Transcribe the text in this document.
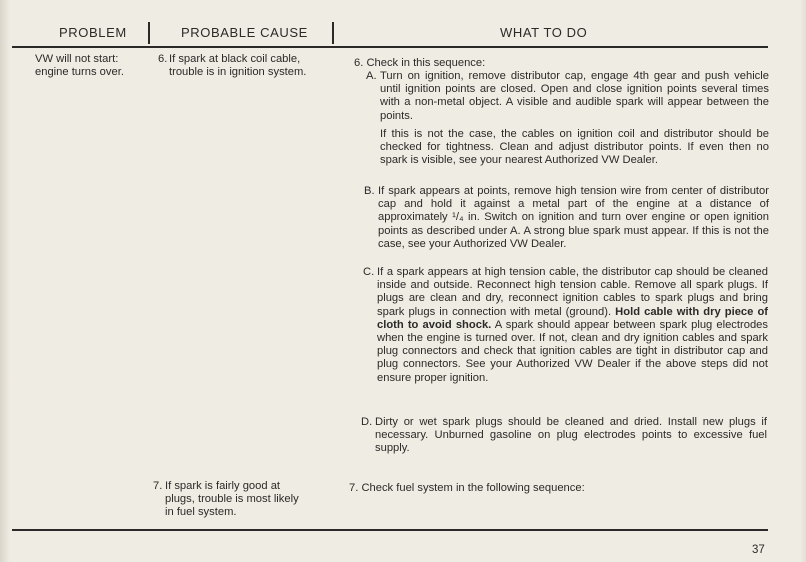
PROBLEM	PROBABLE CAUSE	WHAT TO DO
VW will not start:
engine turns over.
6. If spark at black coil cable,
trouble is in ignition system.
7. If spark is fairly good at
plugs, trouble is most likely
in fuel system.
6. Check in this sequence:
A. Turn on ignition, remove distributor cap, engage 4th gear and push vehicle until ignition points are closed. Open and close ignition points several times with a non-metal object. A visible and audible spark will appear between the points.
If this is not the case, the cables on ignition coil and distributor should be checked for tightness. Clean and adjust distributor points. If even then no spark is visible, see your nearest Authorized VW Dealer.
B. If spark appears at points, remove high tension wire from center of distributor cap and hold it against a metal part of the engine at a distance of approximately ¹/₄ in. Switch on ignition and turn over engine or open ignition points as described under A. A strong blue spark must appear. If this is not the case, see your Authorized VW Dealer.
C. If a spark appears at high tension cable, the distributor cap should be cleaned inside and outside. Reconnect high tension cable. Remove all spark plugs. If plugs are clean and dry, reconnect ignition cables to spark plugs and bring spark plugs in connection with metal (ground). Hold cable with dry piece of cloth to avoid shock. A spark should appear between spark plug electrodes when the engine is turned over. If not, clean and dry ignition cables and spark plug connectors and check that ignition cables are tight in distributor cap and plug connectors. See your Authorized VW Dealer if the above steps did not ensure proper ignition.
D. Dirty or wet spark plugs should be cleaned and dried. Install new plugs if necessary. Unburned gasoline on plug electrodes points to excessive fuel supply.
7. Check fuel system in the following sequence:
37
